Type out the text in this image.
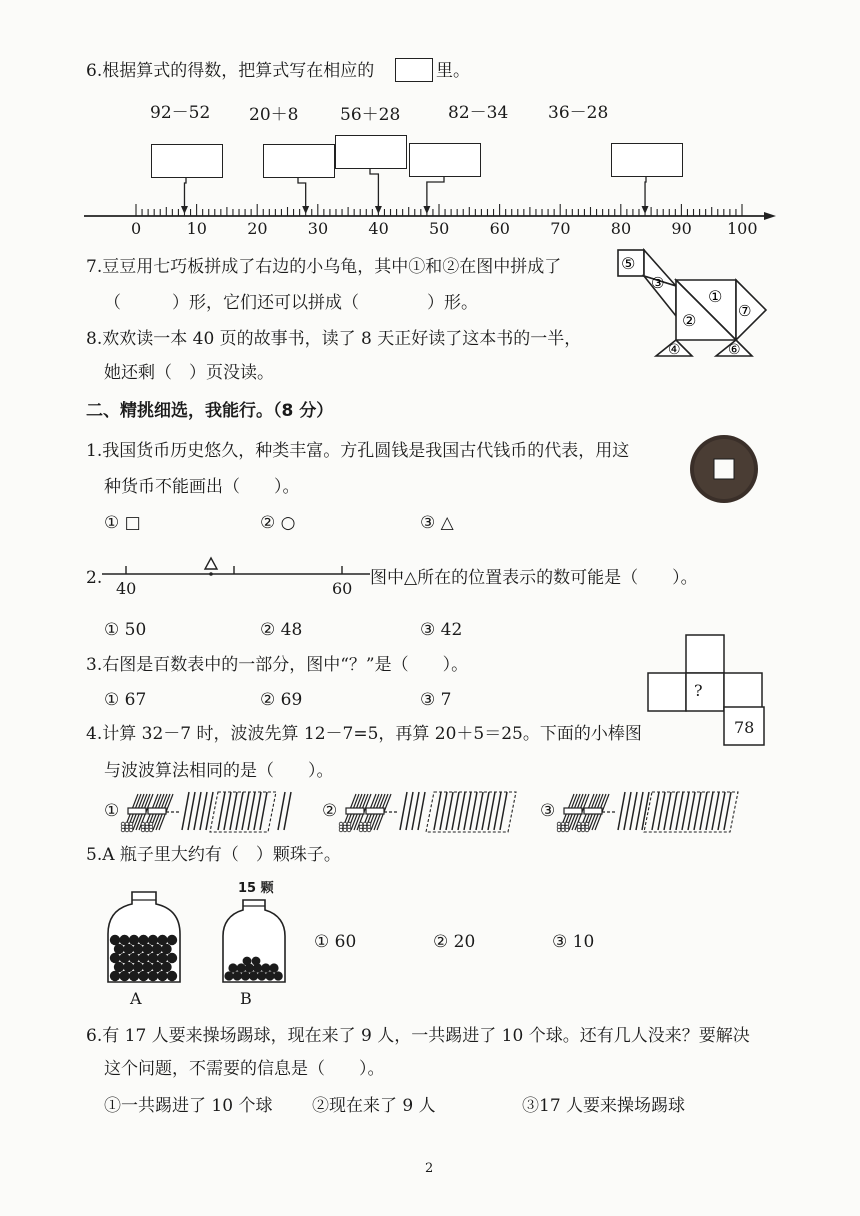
6.根据算式的得数，把算式写在相应的	里。
92－52 20＋8 56＋28	82－34 36－28
0	10	20	30	40	50	60	70	80	90 100
7.豆豆用七巧板拼成了右边的小乌龟，其中①和②在图中拼成了
（　　　）形，它们还可以拼成（　　　　）形。
⑤
③
①
②	⑦
④	⑥
8.欢欢读一本 40 页的故事书，读了 8 天正好读了这本书的一半，
她还剩（　）页没读。
二、精挑细选，我能行。（8 分）
1.我国货币历史悠久，种类丰富。方孔圆钱是我国古代钱币的代表，用这
种货币不能画出（　　）。
① □	② ○	③ △
2.
40	60
图中△所在的位置表示的数可能是（　　）。
① 50	② 48	③ 42
3.右图是百数表中的一部分，图中“？”是（　　）。
① 67	② 69	③ 7	?
78
4.计算 32－7 时，波波先算 12－7=5，再算 20＋5＝25。下面的小棒图
与波波算法相同的是（　　）。
①	②	③
5.A 瓶子里大约有（　）颗珠子。
15 颗
A	B
① 60	② 20	③ 10
6.有 17 人要来操场踢球，现在来了 9 人，一共踢进了 10 个球。还有几人没来？要解决
这个问题，不需要的信息是（　　）。
①一共踢进了 10 个球 ②现在来了 9 人	③17 人要来操场踢球
2
